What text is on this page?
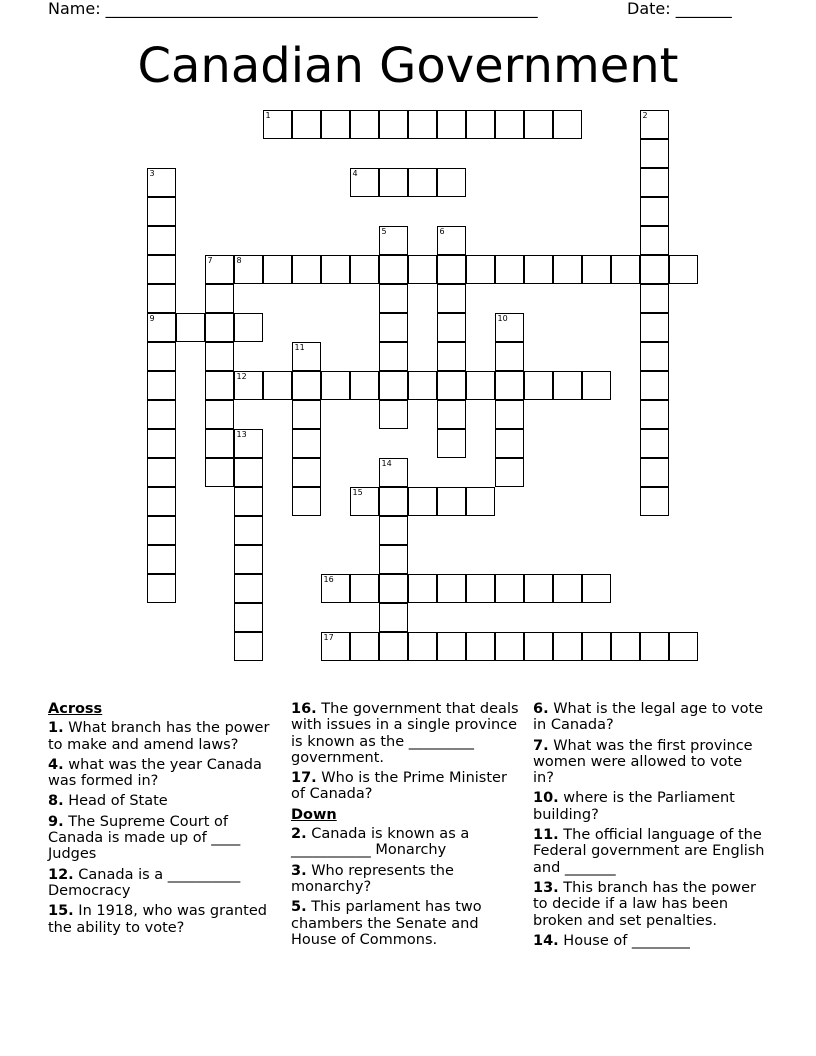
Name: ______________________________________________________	Date: _______
Canadian Government
1	2
3
9
4
5	6
7	8
10
11
12
13
14
15
16
17
Across
1. What branch has the power to make and amend laws?
4. what was the year Canada was formed in?
8. Head of State
9. The Supreme Court of Canada is made up of ____ Judges
12. Canada is a __________ Democracy
15. In 1918, who was granted the ability to vote?
16. The government that deals with issues in a single province is known as the _________ government.
17. Who is the Prime Minister of Canada?
Down
2. Canada is known as a ___________ Monarchy
3. Who represents the monarchy?
5. This parlament has two chambers the Senate and House of Commons.
6. What is the legal age to vote in Canada?
7. What was the first province women were allowed to vote in?
10. where is the Parliament building?
11. The official language of the Federal government are English and _______
13. This branch has the power to decide if a law has been broken and set penalties.
14. House of ________
